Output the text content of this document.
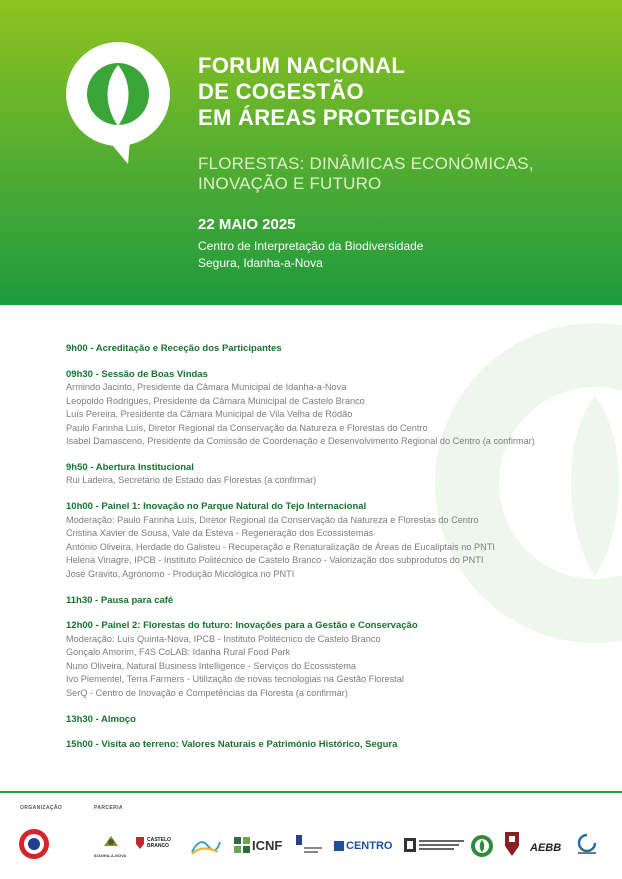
FORUM NACIONAL
DE COGESTÃO
EM ÁREAS PROTEGIDAS
FLORESTAS: DINÂMICAS ECONÓMICAS,
INOVAÇÃO E FUTURO
22 MAIO 2025
Centro de Interpretação da Biodiversidade
Segura, Idanha-a-Nova
9h00 - Acreditação e Receção dos Participantes
09h30 - Sessão de Boas Vindas
Armindo Jacinto, Presidente da Câmara Municipal de Idanha-a-Nova
Leopoldo Rodrigues, Presidente da Câmara Municipal de Castelo Branco
Luís Pereira, Presidente da Câmara Municipal de Vila Velha de Ródão
Paulo Farinha Luís, Diretor Regional da Conservação da Natureza e Florestas do Centro
Isabel Damasceno, Presidente da Comissão de Coordenação e Desenvolvimento Regional do Centro (a confirmar)
9h50 - Abertura Institucional
Rui Ladeira, Secretário de Estado das Florestas (a confirmar)
10h00 - Painel 1: Inovação no Parque Natural do Tejo Internacional
Moderação: Paulo Farinha Luís, Diretor Regional da Conservação da Natureza e Florestas do Centro
Cristina Xavier de Sousa, Vale da Esteva - Regeneração dos Ecossistemas
António Oliveira, Herdade do Galisteu - Recuperação e Renaturalização de Áreas de Eucaliptais no PNTI
Helena Vinagre, IPCB - Instituto Politécnico de Castelo Branco - Valorização dos subprodutos do PNTI
José Gravito, Agrónomo - Produção Micológica no PNTI
11h30 - Pausa para café
12h00 - Painel 2: Florestas do futuro: Inovações para a Gestão e Conservação
Moderação: Luís Quinta-Nova, IPCB - Instituto Politécnico de Castelo Branco
Gonçalo Amorim, F4S CoLAB: Idanha Rural Food Park
Nuno Oliveira, Natural Business Intelligence - Serviços do Ecossistema
Ivo Piementel, Terra Farmers - Utilização de novas tecnologias na Gestão Florestal
SerQ - Centro de Inovação e Competências da Floresta (a confirmar)
13h30 - Almoço
15h00 - Visita ao terreno: Valores Naturais e Património Histórico, Segura
ORGANIZAÇÃO	PARCERIA
IDANHA-A-NOVA
CASTELO BRANCO	ICNF	CENTRO	AEBB
